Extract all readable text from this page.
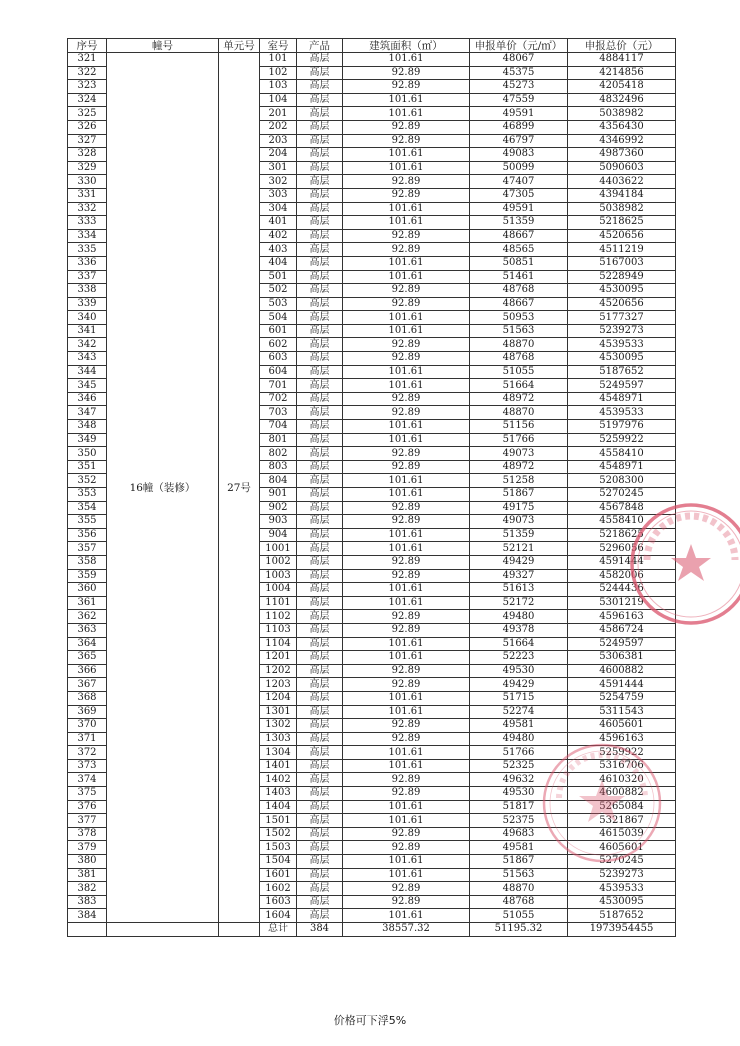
序号	幢号	单元号	室号	产品	建筑面积（㎡）	申报单价（元/㎡）	申报总价（元）
321	16幢（装修）	27号	101	高层	101.61	48067	4884117
322			102	高层	92.89	45375	4214856
323			103	高层	92.89	45273	4205418
324			104	高层	101.61	47559	4832496
325			201	高层	101.61	49591	5038982
326			202	高层	92.89	46899	4356430
327			203	高层	92.89	46797	4346992
328			204	高层	101.61	49083	4987360
329			301	高层	101.61	50099	5090603
330			302	高层	92.89	47407	4403622
331			303	高层	92.89	47305	4394184
332			304	高层	101.61	49591	5038982
333			401	高层	101.61	51359	5218625
334			402	高层	92.89	48667	4520656
335			403	高层	92.89	48565	4511219
336			404	高层	101.61	50851	5167003
337			501	高层	101.61	51461	5228949
338			502	高层	92.89	48768	4530095
339			503	高层	92.89	48667	4520656
340			504	高层	101.61	50953	5177327
341			601	高层	101.61	51563	5239273
342			602	高层	92.89	48870	4539533
343			603	高层	92.89	48768	4530095
344			604	高层	101.61	51055	5187652
345			701	高层	101.61	51664	5249597
346			702	高层	92.89	48972	4548971
347			703	高层	92.89	48870	4539533
348			704	高层	101.61	51156	5197976
349			801	高层	101.61	51766	5259922
350			802	高层	92.89	49073	4558410
351			803	高层	92.89	48972	4548971
352			804	高层	101.61	51258	5208300
353			901	高层	101.61	51867	5270245
354			902	高层	92.89	49175	4567848
355			903	高层	92.89	49073	4558410
356			904	高层	101.61	51359	5218625
357			1001	高层	101.61	52121	5296056
358			1002	高层	92.89	49429	4591444
359			1003	高层	92.89	49327	4582006
360			1004	高层	101.61	51613	5244436
361			1101	高层	101.61	52172	5301219
362			1102	高层	92.89	49480	4596163
363			1103	高层	92.89	49378	4586724
364			1104	高层	101.61	51664	5249597
365			1201	高层	101.61	52223	5306381
366			1202	高层	92.89	49530	4600882
367			1203	高层	92.89	49429	4591444
368			1204	高层	101.61	51715	5254759
369			1301	高层	101.61	52274	5311543
370			1302	高层	92.89	49581	4605601
371			1303	高层	92.89	49480	4596163
372			1304	高层	101.61	51766	5259922
373			1401	高层	101.61	52325	5316706
374			1402	高层	92.89	49632	4610320
375			1403	高层	92.89	49530	4600882
376			1404	高层	101.61	51817	5265084
377			1501	高层	101.61	52375	5321867
378			1502	高层	92.89	49683	4615039
379			1503	高层	92.89	49581	4605601
380			1504	高层	101.61	51867	5270245
381			1601	高层	101.61	51563	5239273
382			1602	高层	92.89	48870	4539533
383			1603	高层	92.89	48768	4530095
384			1604	高层	101.61	51055	5187652
			总计	384	38557.32	51195.32	1973954455
价格可下浮5%
